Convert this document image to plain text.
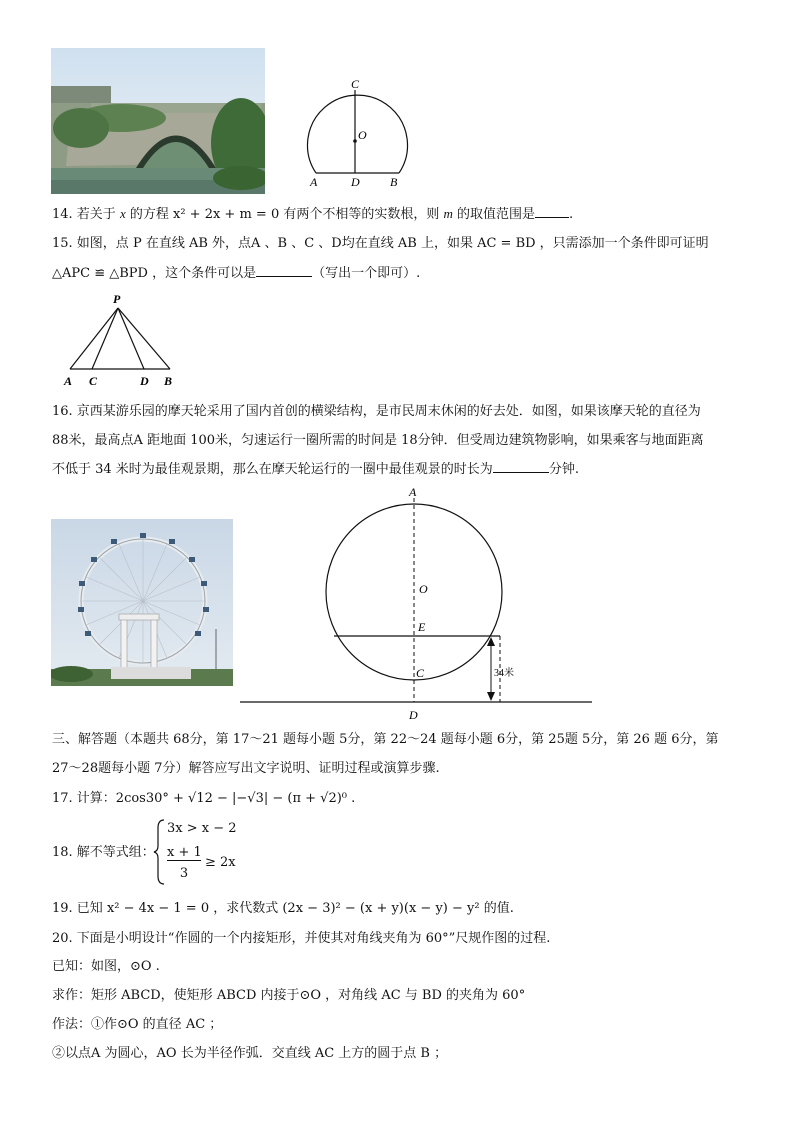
C
O
A	D	B
14. 若关于 x 的方程 x² + 2x + m = 0 有两个不相等的实数根，则 m 的取值范围是	.
15. 如图，点 P 在直线 AB 外，点A 、B 、C 、D均在直线 AB 上，如果 AC = BD ，只需添加一个条件即可证明
△APC ≌ △BPD ，这个条件可以是	（写出一个即可）.
P
A C	D B
16. 京西某游乐园的摩天轮采用了国内首创的横梁结构，是市民周末休闲的好去处．如图，如果该摩天轮的直径为
88米，最高点A 距地面 100米，匀速运行一圈所需的时间是 18分钟．但受周边建筑物影响，如果乘客与地面距离
不低于 34 米时为最佳观景期，那么在摩天轮运行的一圈中最佳观景的时长为	分钟.
A
O
E
C
D
34米
三、解答题（本题共 68分，第 17～21 题每小题 5分，第 22～24 题每小题 6分，第 25题 5分，第 26 题 6分，第
27～28题每小题 7分）解答应写出文字说明、证明过程或演算步骤.
17. 计算：2cos30° + √12 − |−√3| − (π + √2)⁰ .
18. 解不等式组：
3x > x − 2
x + 1
3
≥ 2x
19. 已知 x² − 4x − 1 = 0 ，求代数式 (2x − 3)² − (x + y)(x − y) − y² 的值.
20. 下面是小明设计“作圆的一个内接矩形，并使其对角线夹角为 60°”尺规作图的过程.
已知：如图，⊙O .
求作：矩形 ABCD，使矩形 ABCD 内接于⊙O ，对角线 AC 与 BD 的夹角为 60°
作法：①作⊙O 的直径 AC ；
②以点A 为圆心，AO 长为半径作弧．交直线 AC 上方的圆于点 B ；
